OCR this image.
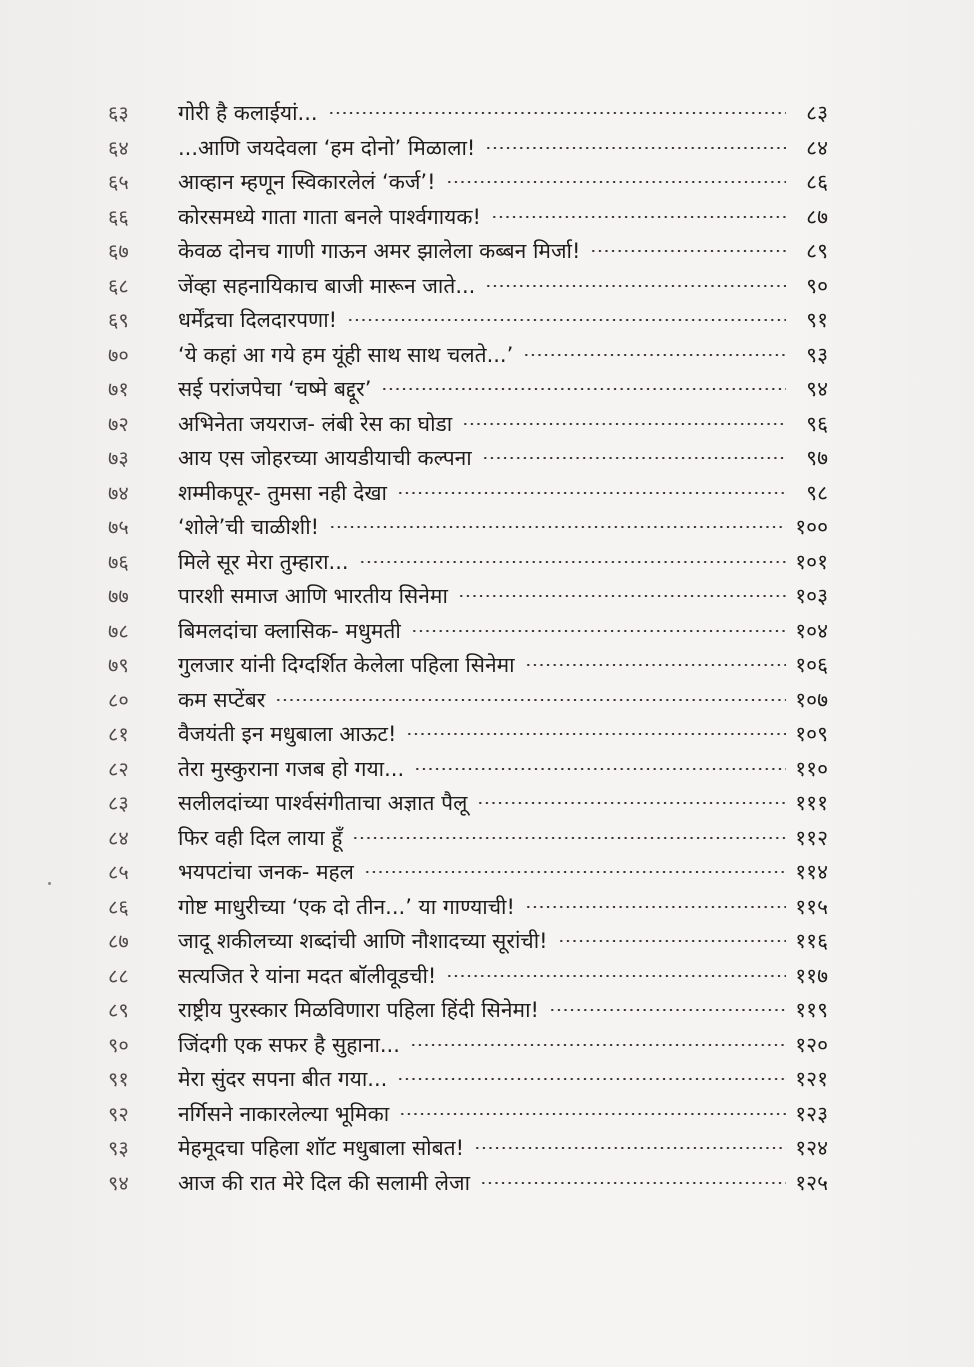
६३	गोरी है कलाईयां...	८३
६४	...आणि जयदेवला ‘हम दोनो’ मिळाला!	८४
६५	आव्हान म्हणून स्विकारलेलं ‘कर्ज’!	८६
६६	कोरसमध्ये गाता गाता बनले पार्श्वगायक!	८७
६७	केवळ दोनच गाणी गाऊन अमर झालेला कब्बन मिर्जा!	८९
६८	जेंव्हा सहनायिकाच बाजी मारून जाते...	९०
६९	धर्मेंद्रचा दिलदारपणा!	९१
७०	‘ये कहां आ गये हम यूंही साथ साथ चलते...’	९३
७१	सई परांजपेचा ‘चष्मे बद्दूर’	९४
७२	अभिनेता जयराज- लंबी रेस का घोडा	९६
७३	आय एस जोहरच्या आयडीयाची कल्पना	९७
७४	शम्मीकपूर- तुमसा नही देखा	९८
७५	‘शोले’ची चाळीशी!	१००
७६	मिले सूर मेरा तुम्हारा...	१०१
७७	पारशी समाज आणि भारतीय सिनेमा	१०३
७८	बिमलदांचा क्लासिक- मधुमती	१०४
७९	गुलजार यांनी दिग्दर्शित केलेला पहिला सिनेमा	१०६
८०	कम सप्टेंबर	१०७
८१	वैजयंती इन मधुबाला आऊट!	१०९
८२	तेरा मुस्कुराना गजब हो गया...	११०
८३	सलीलदांच्या पार्श्वसंगीताचा अज्ञात पैलू	१११
८४	फिर वही दिल लाया हूँ	११२
८५	भयपटांचा जनक- महल	११४
८६	गोष्ट माधुरीच्या ‘एक दो तीन...’ या गाण्याची!	११५
८७	जादू शकीलच्या शब्दांची आणि नौशादच्या सूरांची!	११६
८८	सत्यजित रे यांना मदत बॉलीवूडची!	११७
८९	राष्ट्रीय पुरस्कार मिळविणारा पहिला हिंदी सिनेमा!	११९
९०	जिंदगी एक सफर है सुहाना...	१२०
९१	मेरा सुंदर सपना बीत गया...	१२१
९२	नर्गिसने नाकारलेल्या भूमिका	१२३
९३	मेहमूदचा पहिला शॉट मधुबाला सोबत!	१२४
९४	आज की रात मेरे दिल की सलामी लेजा	१२५
